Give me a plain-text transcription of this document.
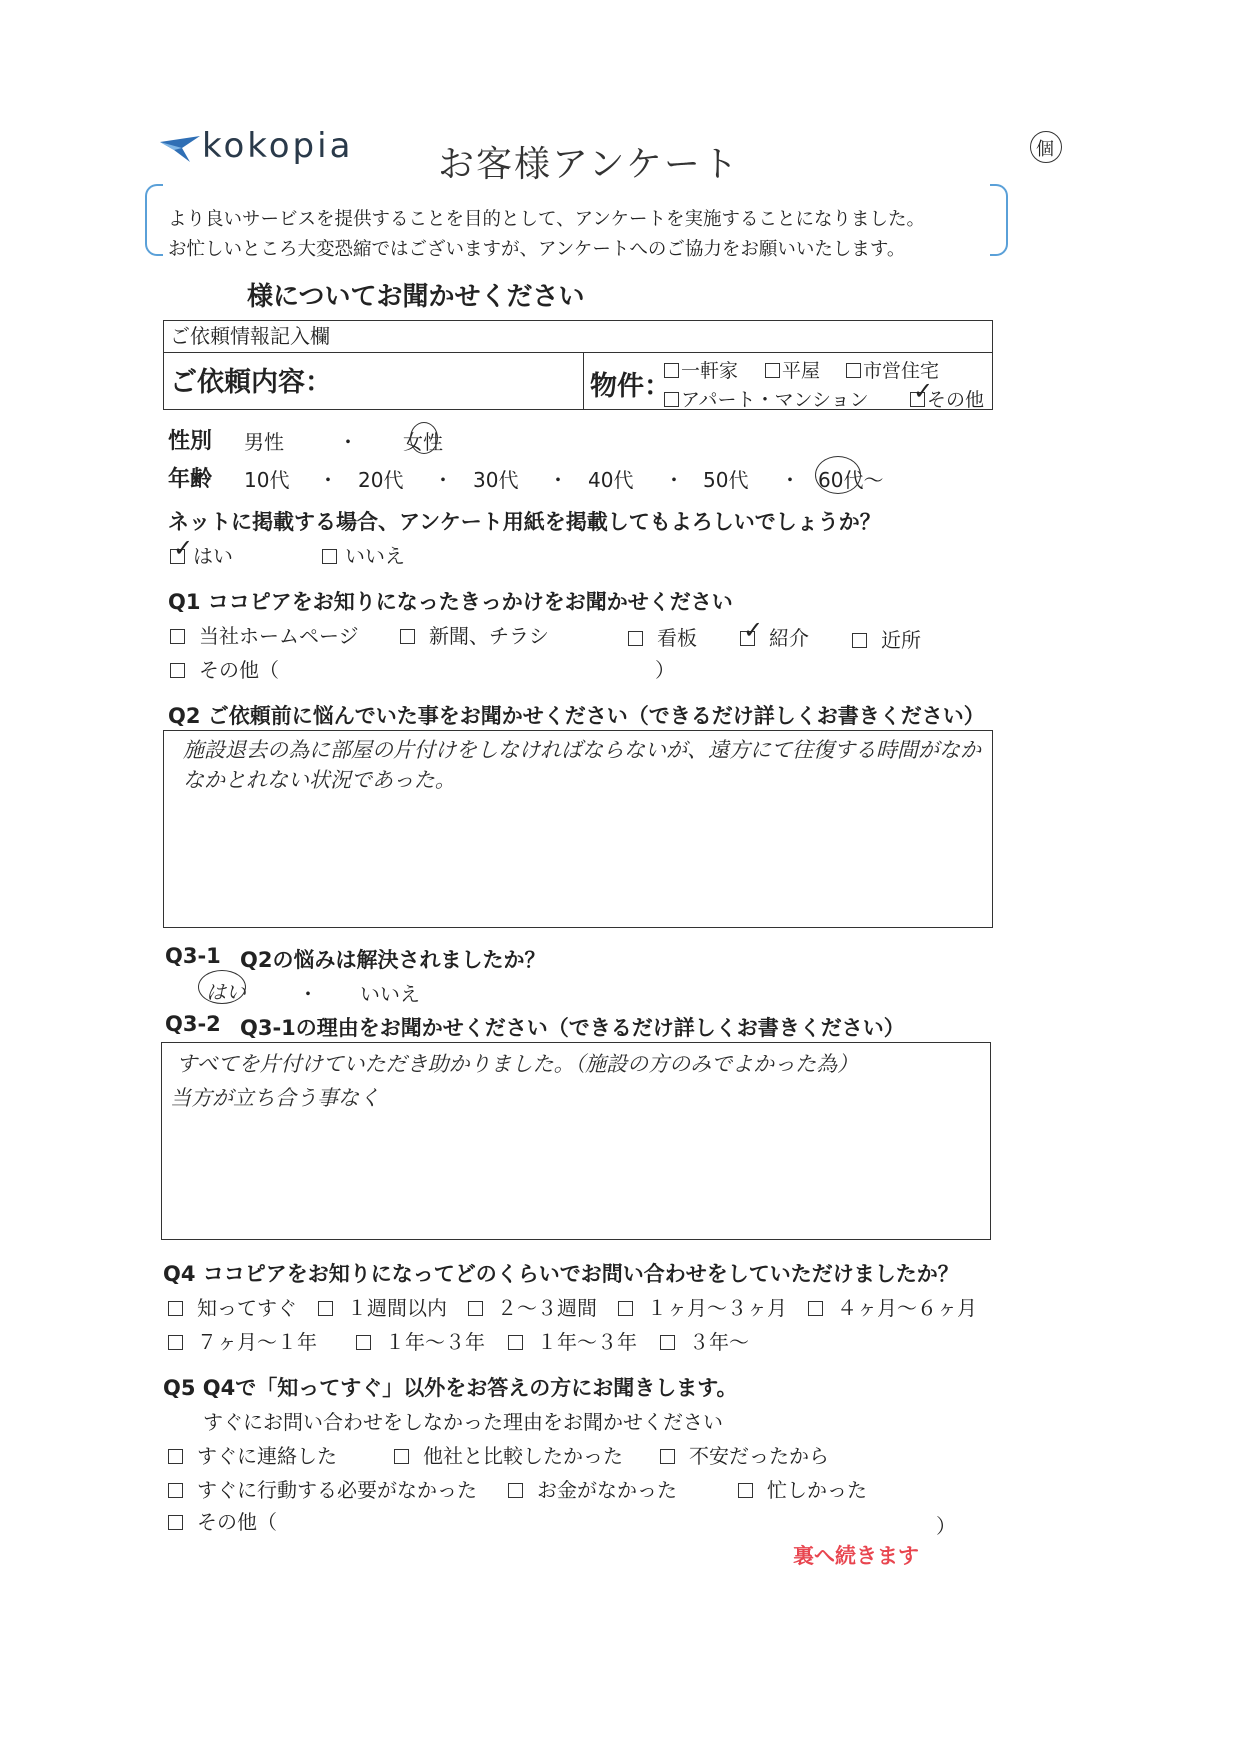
kokopia お客様アンケート	個
より良いサービスを提供することを目的として、アンケートを実施することになりました。
お忙しいところ大変恐縮ではございますが、アンケートへのご協力をお願いいたします。
様についてお聞かせください
ご依頼情報記入欄
ご依頼内容：	物件： 一軒家	平屋	市営住宅
アパート・マンション ✓	その他
性別 男性	・ 女性
年齢 10代 ・ 20代 ・ 30代 ・ 40代 ・ 50代 ・ 60代〜
ネットに掲載する場合、アンケート用紙を掲載してもよろしいでしょうか？
✓はい	いいえ
Q1 ココピアをお知りになったきっかけをお聞かせください
当社ホームページ	新聞、チラシ	看板 ✓	紹介	近所
その他（	）
Q2 ご依頼前に悩んでいた事をお聞かせください（できるだけ詳しくお書きください）
施設退去の為に部屋の片付けをしなければならないが、遠方にて往復する時間がなか
なかとれない状況であった。
Q3-1 Q2の悩みは解決されましたか？
はい	・ いいえ
Q3-2 Q3-1の理由をお聞かせください（できるだけ詳しくお書きください）
すべてを片付けていただき助かりました。（施設の方のみでよかった為）
当方が立ち合う事なく
Q4 ココピアをお知りになってどのくらいでお問い合わせをしていただけましたか？
知ってすぐ	１週間以内	２〜３週間	１ヶ月〜３ヶ月	４ヶ月〜６ヶ月
７ヶ月〜１年	１年〜３年	１年〜３年	３年〜
Q5 Q4で「知ってすぐ」以外をお答えの方にお聞きします。
すぐにお問い合わせをしなかった理由をお聞かせください
すぐに連絡した	他社と比較したかった	不安だったから
すぐに行動する必要がなかった	お金がなかった	忙しかった
その他（	）
裏へ続きます
